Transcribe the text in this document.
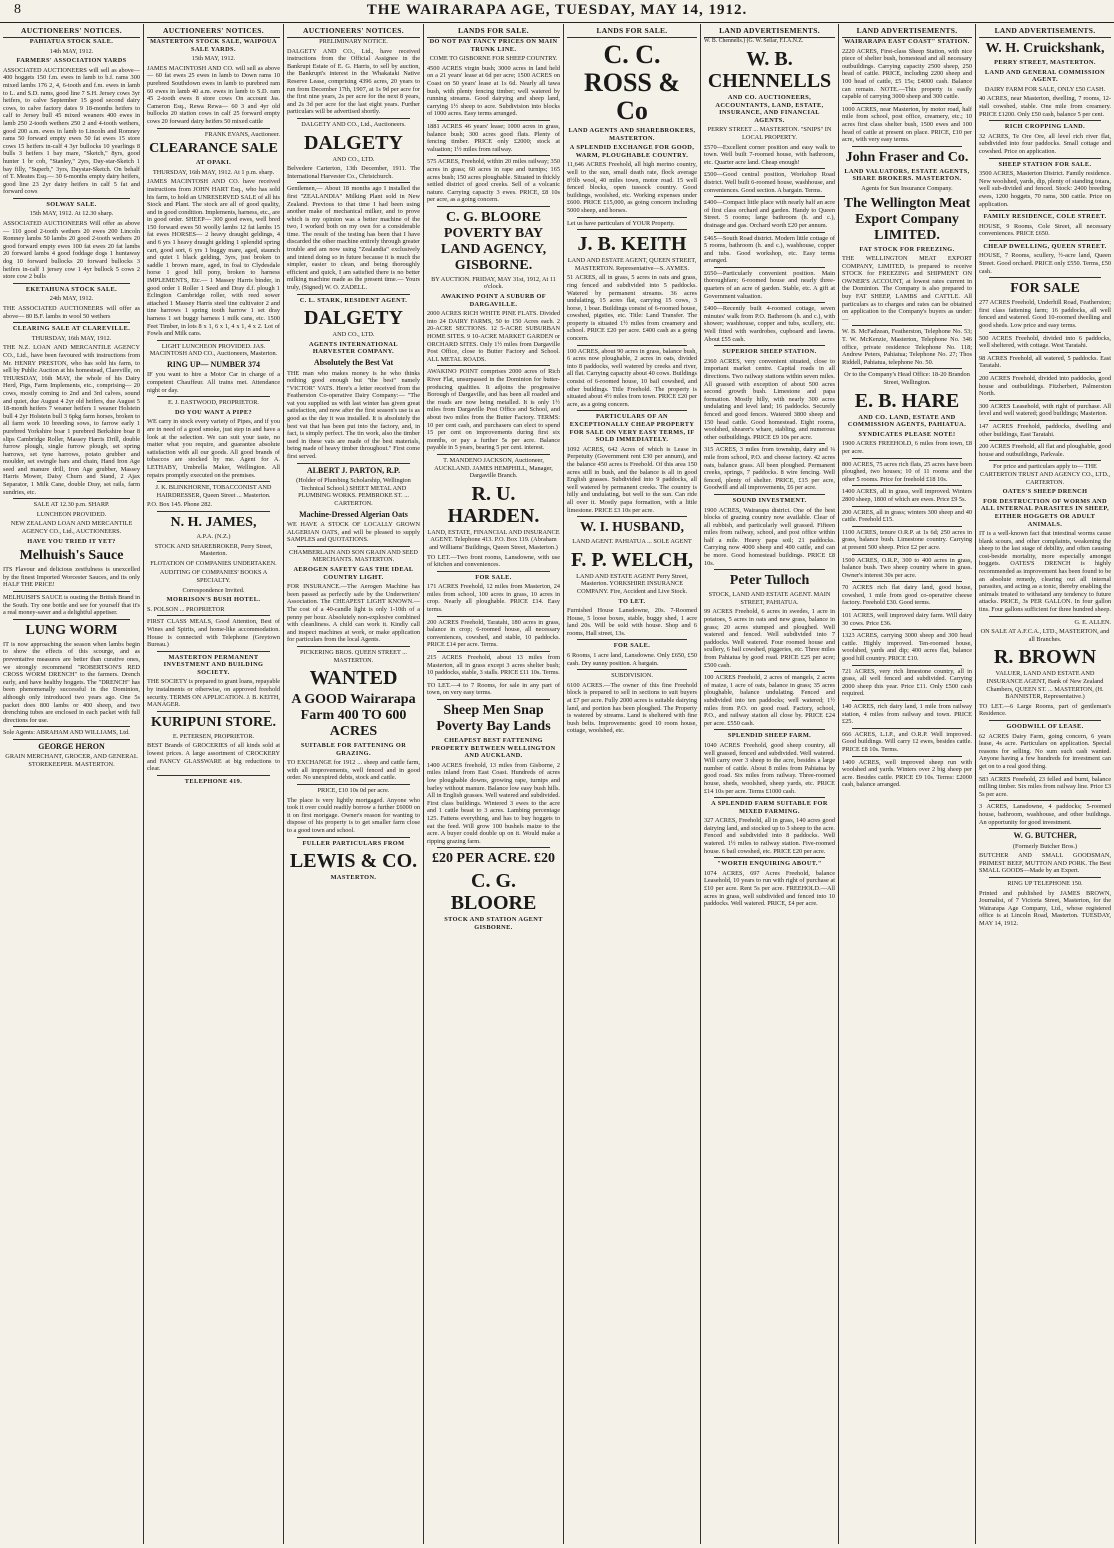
8	THE WAIRARAPA AGE, TUESDAY, MAY 14, 1912.
AUCTIONEERS' NOTICES.
PAHIATUA STOCK SALE.
14th MAY, 1912.
FARMERS' ASSOCIATION YARDS
ASSOCIATED AUCTIONEERS will sell as above— 400 hoggets 150 f.m. ewes in lamb to b.f. rams 300 mixed lambs 176 2, 4, 6-tooth and f.m. ewes in lamb to L. and S.D. rams, good line 7 S.H. Jersey cows 3yr heifers, to calve September 15 good second dairy cows, to calve factory dates 9 18-months heifers to calf to Jersey bull 45 mixed weaners 400 ewes in lamb 250 2-tooth wethers 250 2 and 4-tooth wethers, good 200 a.m. ewes in lamb to Lincoln and Romney rams 50 forward empty ewes 50 fat ewes 15 store cows 15 heifers in-calf 4 3yr bullocks 10 yearlings 8 bulls 3 heifers 1 bay mare, "Sketch," 8yrs, good hunter 1 br cob, "Stanley," 2yrs, Day-star-Sketch 1 bay filly, "Superb," 3yrs, Daystar-Sketch. On behalf of T. Meates Esq.— 30 6-months empty dairy heifers, good line 23 2yr dairy heifers in calf 5 fat and forward cows
SOLWAY SALE.
15th MAY, 1912. At 12.30 sharp.
ASSOCIATED AUCTIONEERS Will offer as above— 110 good 2-tooth wethers 20 ewes 200 Lincoln Romney lambs 50 lambs 20 good 2-tooth wethers 20 good forward empty ewes 100 fat ewes 20 fat lambs 20 forward lambs 4 good foddage dogs 1 huntaway dog 10 forward bullocks 20 forward bullocks 3 heifers in-calf 1 jersey cow 1 4yr bullock 5 cows 2 store cow 2 bulls
EKETAHUNA STOCK SALE.
24th MAY, 1912.
THE ASSOCIATED AUCTIONEERS will offer as above— 80 B.F. lambs in wool 50 wethers
CLEARING SALE AT CLAREVILLE.
THURSDAY, 16th MAY, 1912.
THE N.Z. LOAN AND MERCANTILE AGENCY CO., Ltd., have been favoured with instructions from Mr. HENRY PRESTON, who has sold his farm, to sell by Public Auction at his homestead, Clareville, on THURSDAY, 16th MAY, the whole of his Dairy Herd, Pigs, Farm Implements, etc., comprising— 20 cows, mostly coming to 2nd and 3rd calves, sound and quiet, due August 4 2yr old heifers, due August 5 18-month heifers 7 weaner heifers 1 weaner Holstein bull 4 2yr Holstein bull 3 6pkg farm horses, broken to all farm work 10 breeding sows, to farrow early 1 purebred Yorkshire boar 1 purebred Berkshire boar 8 slips Cambridge Roller, Massey Harris Drill, double furrow plough, single furrow plough, set spring harrows, set tyne harrows, potato grubber and moulder, set swingle bars and chain, Hand Iron Age seed and manure drill, Iron Age grubber, Massey Harris Mower, Daisy Churn and Stand, 2 Ajax Separator, 1 Milk Cane, double Dray, set rails, farm sundries, etc.
SALE AT 12.30 p.m. SHARP.
LUNCHEON PROVIDED.
NEW ZEALAND LOAN AND MERCANTILE AGENCY CO., Ltd., AUCTIONEERS.
HAVE YOU TRIED IT YET?
Melhuish's Sauce
ITS Flavour and delicious zestfulness is unexcelled by the finest Imported Worcester Sauces, and its only HALF THE PRICE!
MELHUISH'S SAUCE is ousting the British Brand in the South. Try one bottle and see for yourself that it's a real money-saver and a delightful appetiser.
LUNG WORM
IT is now approaching the season when lambs begin to show the effects of this scourge, and as preventative measures are better than curative ones, we strongly recommend "ROBERTSON'S RED CROSS WORM DRENCH" to the farmers. Drench early, and have healthy hoggets. The "DRENCH" has been phenomenally successful in the Dominion, although only introduced two years ago. One 5s packet does 800 lambs or 400 sheep, and two drenching tubes are enclosed in each packet with full directions for use.
Sole Agents: ABRAHAM AND WILLIAMS, Ltd.
GEORGE HERON
GRAIN MERCHANT, GROCER, AND GENERAL STOREKEEPER. MASTERTON.
AUCTIONEERS' NOTICES.
MASTERTON STOCK SALE, WAIPOUA SALE YARDS.
15th MAY, 1912.
JAMES MACINTOSH AND CO. will sell as above— 60 fat ewes 25 ewes in lamb to Down rams 10 purebred Southdown ewes in lamb to purebred ram 60 ewes in lamb 40 a.m. ewes in lamb to S.D. ram 45 2-tooth ewes 8 store cows On account Jas. Cameron Esq., Rewa Rewa— 60 3 and 4yr old bullocks 20 station cows in calf 25 forward empty cows 20 forward dairy heifers 50 mixed cattle
FRANK EVANS, Auctioneer.
CLEARANCE SALE
AT OPAKI.
THURSDAY, 16th MAY, 1912. At 1 p.m. sharp.
JAMES MACINTOSH AND CO. have received instructions from JOHN HART Esq., who has sold his farm, to hold an UNRESERVED SALE of all his Stock and Plant. The stock are all of good quality, and in good condition. Implements, harness, etc., are in good order. SHEEP— 300 good ewes, well bred 150 forward ewes 50 woolly lambs 12 fat lambs 15 fat ewes HORSES— 2 heavy draught geldings, 4 and 6 yrs 1 heavy draught gelding 1 splendid spring cart, good sort, 6 yrs 1 buggy mare, aged, staunch and quiet 1 black gelding, 3yrs, just broken to saddle 1 brown mare, aged, in foal to Clydesdale horse 1 good hill pony, broken to harness IMPLEMENTS, Etc.— 1 Massey Harris binder, in good order 1 Roller 1 Seed and Dray d.f. plough 1 Eclington Cambridge roller, with reed sower attached 1 Massey Harris steel tine cultivator 2 and tine harrows 1 spring tooth harrow 1 set dray harness 1 set buggy harness 1 milk cans, etc. 1500 Feet Timber, in lots 8 x 1, 6 x 1, 4 x 1, 4 x 2. Lot of Fowls and Milk cans.
LIGHT LUNCHEON PROVIDED. JAS. MACINTOSH AND CO., Auctioneers, Masterton.
RING UP— NUMBER 374
IF you want to hire a Motor Car in charge of a competent Chauffeur. All trains met. Attendance night or day.
E. J. EASTWOOD, PROPRIETOR.
DO YOU WANT A PIPE?
WE carry in stock every variety of Pipes, and if you are in need of a good smoke, just step in and have a look at the selection. We can suit your taste, no matter what you require, and guarantee absolute satisfaction with all our goods. All good brands of tobaccos are stocked by me. Agent for A. LETHABY, Umbrella Maker, Wellington. All repairs promptly executed on the premises.
J. K. BLINKHORNE, TOBACCONIST AND HAIRDRESSER, Queen Street ... Masterton.
P.O. Box 145. Phone 282.
N. H. JAMES,
A.P.A. (N.Z.)
STOCK AND SHAREBROKER, Perry Street, Masterton.
FLOTATION OF COMPANIES UNDERTAKEN.
AUDITING OF COMPANIES' BOOKS A SPECIALTY.
Correspondence Invited.
MORRISON'S BUSH HOTEL.
S. POLSON ... PROPRIETOR
FIRST CLASS MEALS, Good Attention, Best of Wines and Spirits, and home-like accommodation. House is connected with Telephone (Greytown Bureau.)
MASTERTON PERMANENT INVESTMENT AND BUILDING SOCIETY.
THE SOCIETY is prepared to grant loans, repayable by instalments or otherwise, on approved freehold security. TERMS ON APPLICATION. J. B. KEITH, MANAGER.
KURIPUNI STORE.
E. PETERSEN, PROPRIETOR.
BEST Brands of GROCERIES of all kinds sold at lowest prices. A large assortment of CROCKERY and FANCY GLASSWARE at big reductions to clear.
TELEPHONE 419.
AUCTIONEERS' NOTICES.
PRELIMINARY NOTICE.
DALGETY AND CO., Ltd., have received instructions from the Official Assignee in the Bankrupt Estate of E. G. Harris, to sell by auction, the Bankrupt's interest in the Whakataki Native Reserve Lease, comprising 4396 acres, 20 years to run from December 17th, 1907, at 1s 9d per acre for the first nine years, 2s per acre for the next 8 years, and 2s 3d per acre for the last eight years. Further particulars will be advertised shortly.
DALGETY AND CO., Ltd., Auctioneers.
DALGETY
AND CO., LTD.
Belvedere Carterton, 13th December, 1911. The International Harvester Co., Christchurch.
Gentlemen,— About 18 months ago I installed the first "ZEALANDIA" Milking Plant sold in New Zealand. Previous to that time I had been using another make of mechanical milker, and to prove which is my opinion was a better machine of the two, I worked both on my own for a considerable time. The result of the testing has been that I have discarded the other machine entirely through greater trouble and am now using "Zealandia" exclusively and intend doing so in future because it is much the simpler, easier to clean, and being thoroughly efficient and quick, I am satisfied there is no better milking machine made as the present time.— Yours truly, (Signed) W. O. ZADELL.
C. L. STARK, RESIDENT AGENT.
DALGETY
AND CO., LTD.
AGENTS INTERNATIONAL HARVESTER COMPANY.
Absolutely the Best Vat
THE man who makes money is he who thinks nothing good enough but "the best" namely "VICTOR" VATS. Here's a letter received from the Featherston Co-operative Dairy Company:— "The vat you supplied us with last winter has given great satisfaction, and now after the first season's use is as good as the day it was installed. It is absolutely the best vat that has been put into the factory, and, in fact, is simply perfect. The tin work, also the timber used in these vats are made of the best materials, being made of heavy timber throughout." First come first served.
ALBERT J. PARTON, R.P.
(Holder of Plumbing Scholarship, Wellington Technical School.) SHEET METAL AND PLUMBING WORKS. PEMBROKE ST. ... CARTERTON.
Machine-Dressed Algerian Oats
WE HAVE A STOCK OF LOCALLY GROWN ALGERIAN OATS, and will be pleased to supply SAMPLES and QUOTATIONS.
CHAMBERLAIN AND SON GRAIN AND SEED MERCHANTS. MASTERTON.
AEROGEN SAFETY GAS THE IDEAL COUNTRY LIGHT.
FOR INSURANCE.—The Aerogen Machine has been passed as perfectly safe by the Underwriters' Association. The CHEAPEST LIGHT KNOWN.—The cost of a 40-candle light is only 1-10th of a penny per hour. Absolutely non-explosive combined with cleanliness. A child can work it. Kindly call and inspect machines at work, or make application for particulars from the local Agents.
PICKERING BROS. QUEEN STREET ... MASTERTON.
WANTED
A GOOD Wairarapa Farm 400 TO 600 ACRES
SUITABLE FOR FATTENING OR GRAZING.
TO EXCHANGE for 1912 ... sheep and cattle farm, with all improvements, well fenced and in good order. No unexpired debts, stock and cattle.
PRICE, £10 10s 0d per acre.
The place is very lightly mortgaged. Anyone who took it over could readily borrow a further £6000 on it on first mortgage. Owner's reason for wanting to dispose of his property is to get smaller farm close to a good town and school.
FULLER PARTICULARS FROM
LEWIS & CO.
MASTERTON.
LANDS FOR SALE.
DO NOT PAY FANCY PRICES ON MAIN TRUNK LINE.
COME TO GISBORNE FOR SHEEP COUNTRY.
4500 ACRES virgin bush; 3000 acres in land held on a 21 years' lease at 6d per acre; 1500 ACRES on Coast on 50 years' lease at 1s 6d. Nearly all tawa bush, with plenty fencing timber; well watered by running streams. Good dairying and sheep land, carrying 1½ sheep to acre. Subdivision into blocks of 1000 acres. Easy terms arranged.
1881 ACRES 46 years' lease; 1000 acres in grass, balance bush; 300 acres good flats. Plenty of fencing timber. PRICE only £2000; stock at valuation; 1½ miles from railway.
575 ACRES, Freehold, within 20 miles railway; 350 acres in grass; 60 acres in rape and turnips; 165 acres bush; 150 acres ploughable. Situated in thickly settled district of good creeks. Sell of a volcanic nature. Carrying capacity 3 ewes. PRICE, £8 10s per acre, as a going concern.
C. G. BLOORE POVERTY BAY LAND AGENCY, GISBORNE.
BY AUCTION. FRIDAY, MAY 31st, 1912, At 11 o'clock.
AWAKINO POINT A SUBURB OF DARGAVILLE.
2000 ACRES RICH WHITE PINE FLATS. Divided into 24 DAIRY FARMS, 50 to 150 Acres each. 2 20-ACRE SECTIONS. 12 5-ACRE SUBURBAN HOME SITES. 9 10-ACRE MARKET GARDEN or ORCHARD SITES. Only 1½ miles from Dargaville Post Office, close to Butter Factory and School. ALL METAL ROADS.
AWAKINO POINT comprises 2000 acres of Rich River Flat, unsurpassed in the Dominion for butter-producing qualities. It adjoins the progressive Borough of Dargaville, and has been all roaded and the roads are now being metalled. It is only 1½ miles from Dargaville Post Office and School, and about two miles from the Butter Factory. TERMS: 10 per cent cash, and purchasers can elect to spend 15 per cent on improvements during first six months, or pay a further 5s per acre. Balance payable in 5 years, bearing 5 per cent. interest.
T. MANDENO JACKSON, Auctioneer, AUCKLAND. JAMES HEMPHILL, Manager, Dargaville Branch.
R. U. HARDEN.
LAND, ESTATE, FINANCIAL AND INSURANCE AGENT. Telephone 413. P.O. Box 119. (Abraham and Williams' Buildings, Queen Street, Masterton.)
TO LET.—Two front rooms, Lansdowne, with use of kitchen and conveniences.
FOR SALE.
171 ACRES Freehold, 12 miles from Masterton, 24 miles from school, 100 acres in grass, 10 acres in crop. Nearly all ploughable. PRICE £14. Easy terms.
200 ACRES Freehold, Taratahi, 180 acres in grass, balance in crop; 6-roomed house, all necessary conveniences, cowshed, and stable, 10 paddocks. PRICE £14 per acre. Terms.
215 ACRES Freehold, about 13 miles from Masterton, all in grass except 3 acres shelter bush; 10 paddocks, stable, 3 stalls. PRICE £11 10s. Terms.
TO LET.—4 to 7 Rooms, for sale in any part of town, on very easy terms.
Sheep Men Snap Poverty Bay Lands
CHEAPEST BEST FATTENING PROPERTY BETWEEN WELLINGTON AND AUCKLAND.
1400 ACRES freehold, 13 miles from Gisborne, 2 miles inland from East Coast. Hundreds of acres low ploughable downs, growing rape, turnips and barley without manure. Balance low easy bush hills. All in English grasses. Well watered and subdivided. First class buildings. Wintered 3 ewes to the acre and 1 cattle beast to 3 acres. Lambing percentage 125. Fattens everything, and has to buy hoggets to eat the feed. Will grow 100 bushels maize to the acre. A buyer could double up on it. Would make a ripping grazing farm.
£20 PER ACRE. £20
C. G. BLOORE
STOCK AND STATION AGENT GISBORNE.
LANDS FOR SALE.
C. C. ROSS & Co
LAND AGENTS AND SHAREBROKERS, MASTERTON.
A SPLENDID EXCHANGE FOR GOOD, WARM, PLOUGHABLE COUNTRY.
11,646 ACRES Freehold, all high merino country, well to the sun, small death rate, flock average 8½lb wool, 40 miles town, motor road. 15 well fenced blocks, open tussock country. Good buildings, woolshed, etc. Working expenses under £600. PRICE £15,000, as going concern including 5000 sheep, and horses.
Let us have particulars of YOUR Property.
J. B. KEITH
LAND AND ESTATE AGENT, QUEEN STREET, MASTERTON. Representative—S. AYMES.
51 ACRES, all in grass, 5 acres in oats and grass, ring fenced and subdivided into 5 paddocks. Watered by permanent streams. 36 acres undulating, 15 acres flat, carrying 15 cows, 3 horse, 1 boar. Buildings consist of 6-roomed house, cowshed, pigsties, etc. Title: Land Transfer. The property is situated 1½ miles from creamery and school. PRICE £20 per acre. £400 cash as a going concern.
100 ACRES, about 90 acres in grass, balance bush, 6 acres now ploughable, 2 acres in oats, divided into 8 paddocks, well watered by creeks and river, all flat. Carrying capacity about 40 cows. Buildings consist of 6-roomed house, 10 bail cowshed, and other buildings. Title Freehold. The property is situated about 4½ miles from town. PRICE £20 per acre, as a going concern.
PARTICULARS OF AN EXCEPTIONALLY CHEAP PROPERTY FOR SALE ON VERY EASY TERMS, IF SOLD IMMEDIATELY.
1092 ACRES, 642 Acres of which is Lease in Perpetuity (Government rent £30 per annum), and the balance 450 acres is Freehold. Of this area 150 acres still in bush, and the balance is all in good English grasses. Subdivided into 9 paddocks, all well watered by permanent creeks. The country is hilly and undulating, but well to the sun. Can ride all over it. Mostly papa formation, with a little limestone. PRICE £3 10s per acre.
W. I. HUSBAND,
LAND AGENT. PAHIATUA ... SOLE AGENT
F. P. WELCH,
LAND AND ESTATE AGENT Perry Street, Masterton. YORKSHIRE INSURANCE COMPANY. Fire, Accident and Live Stock.
TO LET.
Furnished House Lansdowne, 20s. 7-Roomed House, 5 loose boxes, stable, buggy shed, 1 acre land 20s. Will be sold with house. Shop and 6 rooms, Hall street, 13s.
FOR SALE.
6 Rooms, 1 acre land, Lansdowne. Only £650, £50 cash. Dry sunny position. A bargain.
SUBDIVISION.
6100 ACRES.—The owner of this fine Freehold block is prepared to sell in sections to suit buyers at £7 per acre. Fully 2000 acres is suitable dairying land, and portion has been ploughed. The Property is watered by streams. Land is sheltered with fine bush belts. Improvements: good 10 room house, cottage, woolshed, etc.
LAND ADVERTISEMENTS.
W. B. Chennells.) (G. W. Sellar, F.I.A.N.Z.
W. B. CHENNELLS
AND CO. AUCTIONEERS, ACCOUNTANTS, LAND, ESTATE, INSURANCE, AND FINANCIAL AGENTS.
PERRY STREET ... MASTERTON. "SNIPS" IN LOCAL PROPERTY.
£570—Excellent corner position and easy walk to town. Well built 7-roomed house, with bathroom, etc. Quarter acre land. Cheap enough!
£500—Good central position, Workshop Road district. Well built 6-roomed house, washhouse, and conveniences. Good section. A bargain. Terms.
£400—Compact little place with nearly half an acre of first class orchard and garden. Handy to Queen Street. 5 rooms; large bathroom (h. and c.), drainage and gas. Orchard worth £20 per annum.
£465—South Road district. Modern little cottage of 5 rooms, bathroom (h. and c.), washhouse, copper and tubs. Good workshop, etc. Easy terms arranged.
£650—Particularly convenient position. Main thoroughfare; 6-roomed house and nearly three-quarters of an acre of garden. Stable, etc. A gift at Government valuation.
£400—Recently built 4-roomed cottage, seven minutes' walk from P.O. Bathroom (h. and c.), with shower; washhouse, copper and tubs, scullery, etc. Well fitted with wardrobes, cupboard and lawns. About £55 cash.
SUPERIOR SHEEP STATION.
2360 ACRES, very convenient situated, close to important market centre. Capital roads in all directions. Two railway stations within seven miles. All grassed with exception of about 500 acres second growth bush. Limestone and papa formation. Mostly hilly, with nearly 300 acres undulating and level land; 16 paddocks. Securely fenced and good fences. Watered 3800 sheep and 150 head cattle. Good homestead. Eight rooms, woolshed, shearer's whare, stabling, and numerous other outbuildings. PRICE £9 10s per acre.
315 ACRES, 3 miles from township, dairy and ¼ mile from school, P.O. and cheese factory. 42 acres oats, balance grass. All been ploughed. Permanent creeks, springs, 7 paddocks. 8 wire fencing. Well fenced, plenty of shelter. PRICE, £15 per acre, Goodwill and all improvements, £6 per acre.
SOUND INVESTMENT.
1900 ACRES, Wairarapa district. One of the best blocks of grazing country now available. Clear of all rubbish, and particularly well grassed. Fifteen miles from railway, school, and post office within half a mile. Heavy papa soil; 21 paddocks. Carrying now 4000 sheep and 400 cattle, and can be more. Good homestead buildings. PRICE £8 10s.
Peter Tulloch
STOCK, LAND AND ESTATE AGENT. MAIN STREET, PAHIATUA.
99 ACRES Freehold, 6 acres in swedes, 1 acre in potatoes, 5 acres in oats and new grass, balance in grass; 20 acres stumped and ploughed. Well watered and fenced. Well subdivided into 7 paddocks. Well watered. Four roomed house and scullery, 6 bail cowshed, piggeries, etc. Three miles from Pahiatua by good road. PRICE £25 per acre; £500 cash.
100 ACRES Freehold, 2 acres of mangels, 2 acres of maize, 1 acre of oats, balance in grass; 35 acres ploughable, balance undulating. Fenced and subdivided into ten paddocks; well watered; 1½ miles from P.O. on good road. Factory, school, P.O., and railway station all close by. PRICE £24 per acre. £550 cash.
SPLENDID SHEEP FARM.
1040 ACRES Freehold, good sheep country, all well grassed, fenced and subdivided. Well watered. Will carry over 3 sheep to the acre, besides a large number of cattle. About 8 miles from Pahiatua by good road. Six miles from railway. Three-roomed house, sheds, woolshed, sheep yards, etc. PRICE £14 10s per acre. Terms £1000 cash.
A SPLENDID FARM SUITABLE FOR MIXED FARMING.
327 ACRES, Freehold, all in grass, 140 acres good dairying land, and stocked up to 3 sheep to the acre. Fenced and subdivided into 8 paddocks. Well watered. 1½ miles to railway station. Five-roomed house. 6 bail cowshed, etc. PRICE £20 per acre.
"WORTH ENQUIRING ABOUT."
1074 ACRES, 697 Acres Freehold, balance Leasehold, 10 years to run with right of purchase at £10 per acre. Rent 5s per acre. FREEHOLD.—All acres in grass, well subdivided and fenced into 10 paddocks. Well watered. PRICE, £4 per acre.
LAND ADVERTISEMENTS.
WAIRARAPA EAST COAST" STATION.
2220 ACRES, First-class Sheep Station, with nice piece of shelter bush, homestead and all necessary outbuildings. Carrying capacity 2500 sheep, 250 head of cattle. PRICE, including 2200 sheep and 100 head of cattle, £5 15s; £4000 cash. Balance can remain. NOTE.—This property is easily capable of carrying 3000 sheep and 300 cattle.
1000 ACRES, near Masterton, by motor road, half mile from school, post office, creamery, etc.; 10 acres first class shelter bush, 1500 ewes and 100 head of cattle at present on place. PRICE, £10 per acre, with very easy terms.
John Fraser and Co.
LAND VALUATORS, ESTATE AGENTS, SHARE BROKERS. MASTERTON.
Agents for Sun Insurance Company.
The Wellington Meat Export Company LIMITED.
FAT STOCK FOR FREEZING.
THE WELLINGTON MEAT EXPORT COMPANY, LIMITED, is prepared to receive STOCK for FREEZING and SHIPMENT ON OWNER'S ACCOUNT, at lowest rates current in the Dominion. The Company is also prepared to buy FAT SHEEP, LAMBS and CATTLE. All particulars as to charges and rates can be obtained on application to the Company's buyers as under:—
W. B. McFadzean, Featherston, Telephone No. 53; T. W. McKenzie, Masterton, Telephone No. 346 office, private residence Telephone No. 118; Andrew Peters, Pahiatua; Telephone No. 27; Thos Riddell, Pahiatua, telephone No. 50.
Or to the Company's Head Office: 18-20 Brandon Street, Wellington.
E. B. HARE
AND CO. LAND, ESTATE AND COMMISSION AGENTS, PAHIATUA.
SYNDICATES PLEASE NOTE!
1900 ACRES FREEHOLD, 6 miles from town, £8 per acre.
800 ACRES, 75 acres rich flats, 25 acres have been ploughed, two houses; 10 of 11 rooms and the other 5 rooms. Price for freehold £18 10s.
1400 ACRES, all in grass, well improved. Winters 2800 sheep, 1800 of which are ewes. Price £9 5s.
200 ACRES, all in grass; winters 300 sheep and 40 cattle. Freehold £15.
1100 ACRES, tenure O.R.P. at 1s 6d; 250 acres in grass, balance bush. Limestone country. Carrying at present 500 sheep. Price £2 per acre.
1500 ACRES, O.R.P., 300 to 400 acres in grass, balance bush. Two sheep country where in grass. Owner's interest 30s per acre.
70 ACRES rich flat dairy land, good house, cowshed, 1 mile from good co-operative cheese factory. Freehold £30. Good terms.
101 ACRES, well improved dairy farm. Will dairy 30 cows. Price £36.
1323 ACRES, carrying 3000 sheep and 300 head cattle. Highly improved. Ten-roomed house, woolshed, yards and dip; 400 acres flat, balance good hill country. PRICE £10.
721 ACRES, very rich limestone country, all in grass, all well fenced and subdivided. Carrying 2000 sheep this year. Price £11. Only £500 cash required.
140 ACRES, rich dairy land, 1 mile from railway station, 4 miles from railway and town. PRICE £25.
666 ACRES, L.I.P., and O.R.P. Well improved. Good buildings. Will carry 12 ewes, besides cattle. PRICE £8 10s. Terms.
1400 ACRES, well improved sheep run with woolshed and yards. Winters over 2 big sheep per acre. Besides cattle. PRICE £9 10s. Terms: £2000 cash, balance arranged.
LAND ADVERTISEMENTS.
W. H. Cruickshank,
PERRY STREET, MASTERTON.
LAND AND GENERAL COMMISSION AGENT.
DAIRY FARM FOR SALE, ONLY £50 CASH.
40 ACRES, near Masterton, dwelling, 7 rooms, 12-stall cowshed, stable. One mile from creamery. PRICE £1200. Only £50 cash, balance 5 per cent.
RICH CROPPING LAND.
32 ACRES, Te Ore Ore, all level rich river flat, subdivided into four paddocks. Small cottage and cowshed. Price on application.
SHEEP STATION FOR SALE.
3500 ACRES, Masterton District. Family residence. New woolshed, yards, dip, plenty of standing totara, well sub-divided and fenced. Stock: 2400 breeding ewes, 1200 hoggets, 70 rams, 300 cattle. Price on application.
FAMILY RESIDENCE, COLE STREET.
HOUSE, 9 Rooms, Cole Street, all necessary conveniences. PRICE £650.
CHEAP DWELLING, QUEEN STREET.
HOUSE, 7 Rooms, scullery, ½-acre land, Queen Street. Good orchard. PRICE only £550. Terms, £50 cash.
FOR SALE
277 ACRES Freehold, Underhill Road, Featherston; first class fattening farm; 16 paddocks, all well fenced and watered. Good 10-roomed dwelling and good sheds. Low price and easy terms.
500 ACRES Freehold, divided into 6 paddocks, well sheltered, with cottage. West Taratahi.
98 ACRES Freehold, all watered, 5 paddocks. East Taratahi.
200 ACRES Freehold, divided into paddocks, good house and outbuildings. Fitzherbert, Palmerston North.
300 ACRES Leasehold, with right of purchase. All level and well watered; good buildings; Masterton.
147 ACRES Freehold, paddocks, dwelling and other buildings, East Taratahi.
200 ACRES Freehold, all flat and ploughable, good house and outbuildings, Parkvale.
For price and particulars apply to— THE CARTERTON TRUST AND AGENCY CO., LTD., CARTERTON.
OATES'S SHEEP DRENCH
FOR DESTRUCTION OF WORMS AND ALL INTERNAL PARASITES IN SHEEP, EITHER HOGGETS OR ADULT ANIMALS.
IT is a well-known fact that intestinal worms cause blank scours, and other complaints, weakening the sheep to the last stage of debility, and often causing cost-beside mortality, more especially amongst hoggets. OATES'S DRENCH is highly recommended as improvement has been found to be an absolute remedy, clearing out all internal parasites, and acting as a tonic, thereby enabling the animals treated to withstand any tendency to future attacks. PRICE, 3s PER GALLON. In four gallon tins. Four gallons sufficient for three hundred sheep.
G. E. ALLEN.
ON SALE AT A.F.C.A., LTD., MASTERTON, and all Branches.
R. BROWN
VALUER, LAND AND ESTATE AND INSURANCE AGENT, Bank of New Zealand Chambers, QUEEN ST. ... MASTERTON, (H. BANNISTER, Representative.)
TO LET.—6 Large Rooms, part of gentleman's Residence.
GOODWILL OF LEASE.
62 ACRES Dairy Farm, going concern, 6 years lease, 4s acre. Particulars on application. Special reasons for selling. No sum such cash wanted. Anyone having a few hundreds for investment can get on to a real good thing.
583 ACRES Freehold, 23 felled and burnt, balance milling timber. Six miles from railway line. Price £3 5s per acre.
3 ACRES, Lansdowne, 4 paddocks; 5-roomed house, bathroom, washhouse, and other buildings. An opportunity for good investment.
W. G. BUTCHER,
(Formerly Butcher Bros.)
BUTCHER AND SMALL GOODSMAN, PRIMEST BEEF, MUTTON AND PORK. The Best SMALL GOODS—Made by an Expert.
RING UP TELEPHONE 150.
Printed and published by JAMES BROWN, Journalist, of 7 Victoria Street, Masterton, for the Wairarapa Age Company, Ltd., whose registered office is at Lincoln Road, Masterton. TUESDAY, MAY 14, 1912.
